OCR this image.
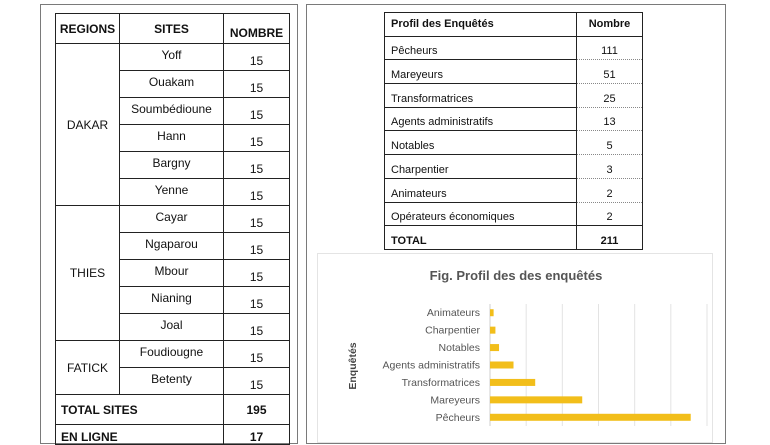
REGIONS	SITES	NOMBRE
DAKAR	Yoff	15
	Ouakam	15
	Soumbédioune	15
	Hann	15
	Bargny	15
	Yenne	15
THIES	Cayar	15
	Ngaparou	15
	Mbour	15
	Nianing	15
	Joal	15
FATICK	Foudiougne	15
	Betenty	15
TOTAL SITES		195
EN LIGNE		17
Profil des Enquêtés	Nombre
Pêcheurs	111
Mareyeurs	51
Transformatrices	25
Agents administratifs	13
Notables	5
Charpentier	3
Animateurs	2
Opérateurs économiques	2
TOTAL	211
Fig. Profil des des enquêtés
Enquêtés
Animateurs
Charpentier
Notables
Agents administratifs
Transformatrices
Mareyeurs
Pêcheurs
